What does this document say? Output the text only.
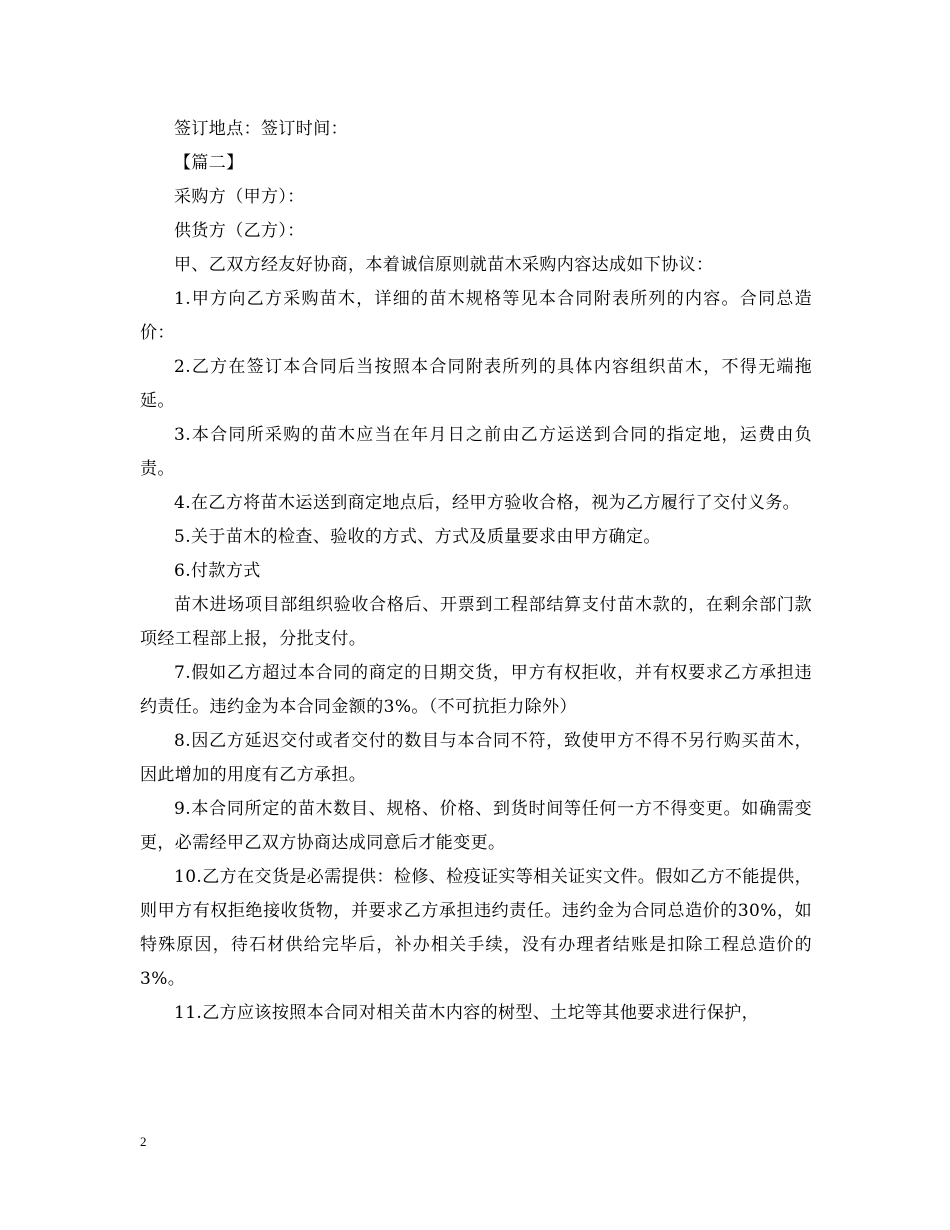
签订地点：签订时间：

【篇二】

采购方（甲方）：

供货方（乙方）：

甲、乙双方经友好协商，本着诚信原则就苗木采购内容达成如下协议：

1.甲方向乙方采购苗木，详细的苗木规格等见本合同附表所列的内容。合同总造价：

2.乙方在签订本合同后当按照本合同附表所列的具体内容组织苗木，不得无端拖延。

3.本合同所采购的苗木应当在年月日之前由乙方运送到合同的指定地，运费由负责。

4.在乙方将苗木运送到商定地点后，经甲方验收合格，视为乙方履行了交付义务。

5.关于苗木的检查、验收的方式、方式及质量要求由甲方确定。

6.付款方式

苗木进场项目部组织验收合格后、开票到工程部结算支付苗木款的，在剩余部门款项经工程部上报，分批支付。

7.假如乙方超过本合同的商定的日期交货，甲方有权拒收，并有权要求乙方承担违约责任。违约金为本合同金额的3%。（不可抗拒力除外）

8.因乙方延迟交付或者交付的数目与本合同不符，致使甲方不得不另行购买苗木，因此增加的用度有乙方承担。

9.本合同所定的苗木数目、规格、价格、到货时间等任何一方不得变更。如确需变更，必需经甲乙双方协商达成同意后才能变更。

10.乙方在交货是必需提供：检修、检疫证实等相关证实文件。假如乙方不能提供，则甲方有权拒绝接收货物，并要求乙方承担违约责任。违约金为合同总造价的30%，如特殊原因，待石材供给完毕后，补办相关手续，没有办理者结账是扣除工程总造价的3%。

11.乙方应该按照本合同对相关苗木内容的树型、土坨等其他要求进行保护，

2
